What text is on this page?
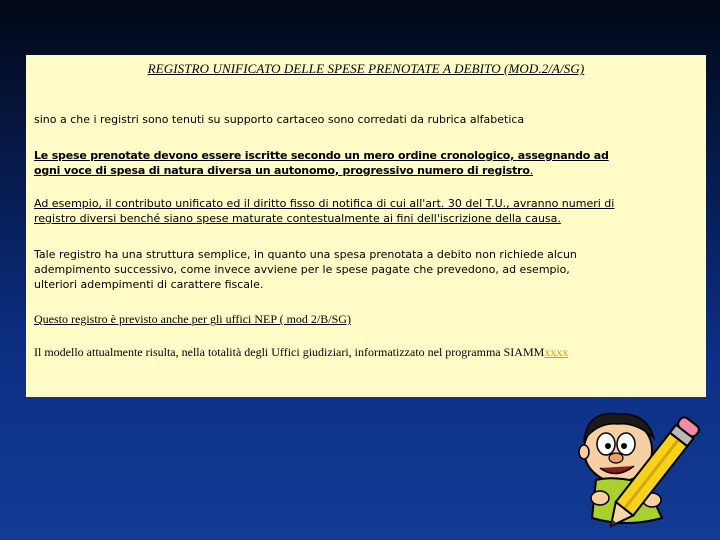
REGISTRO UNIFICATO DELLE SPESE PRENOTATE A DEBITO (MOD.2/A/SG)

sino a che i registri sono tenuti su supporto cartaceo sono corredati da rubrica alfabetica

Le spese prenotate devono essere iscritte secondo un mero ordine cronologico, assegnando ad
ogni voce di spesa di natura diversa un autonomo, progressivo numero di registro.

Ad esempio, il contributo unificato ed il diritto fisso di notifica di cui all'art. 30 del T.U., avranno numeri di
registro diversi benché siano spese maturate contestualmente ai fini dell'iscrizione della causa.

Tale registro ha una struttura semplice, in quanto una spesa prenotata a debito non richiede alcun
adempimento successivo, come invece avviene per le spese pagate che prevedono, ad esempio,
ulteriori adempimenti di carattere fiscale.

Questo registro è previsto anche per gli uffici NEP ( mod 2/B/SG)

Il modello attualmente risulta, nella totalità degli Uffici giudiziari, informatizzato nel programma SIAMMxxxx
